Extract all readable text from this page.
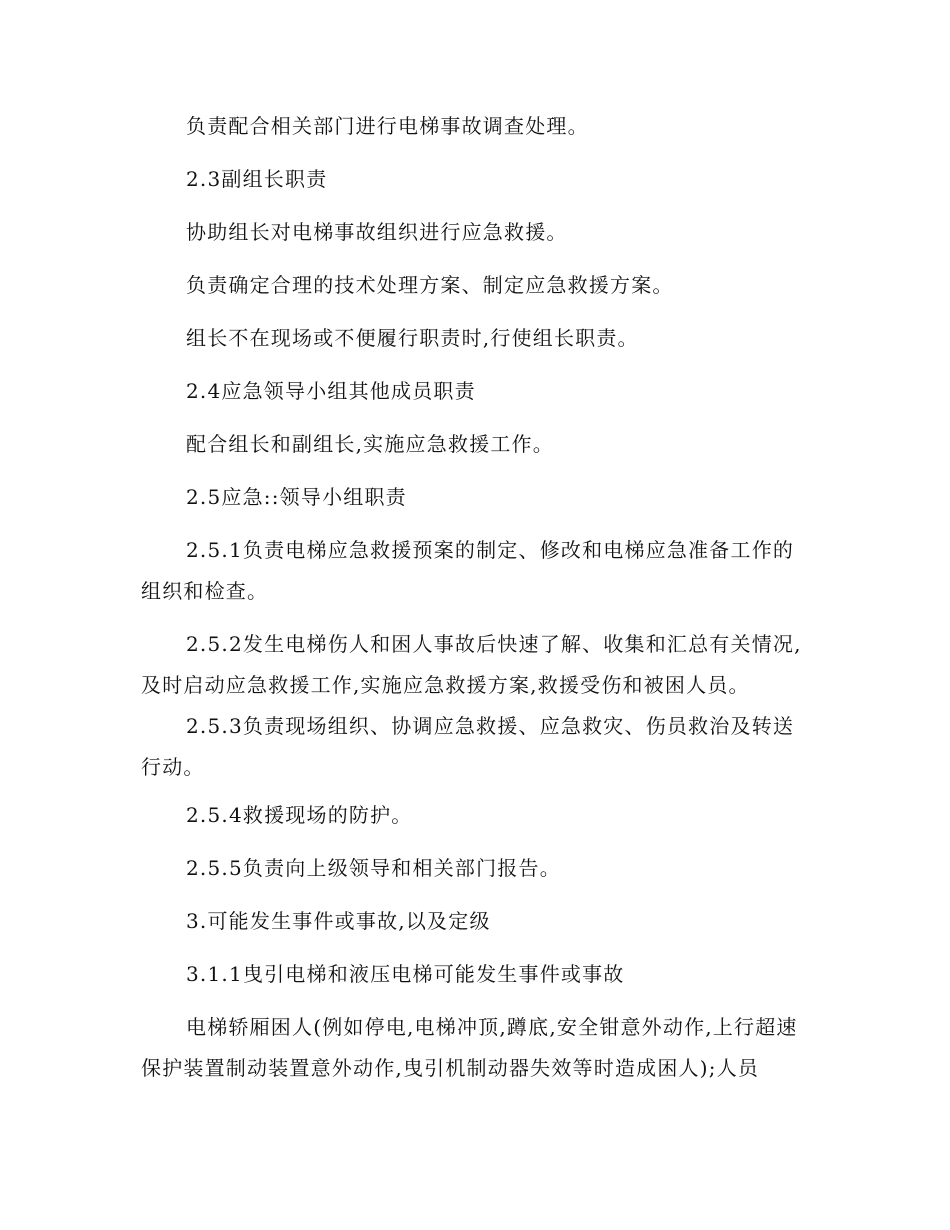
负责配合相关部门进行电梯事故调查处理。

2.3副组长职责

协助组长对电梯事故组织进行应急救援。

负责确定合理的技术处理方案、制定应急救援方案。

组长不在现场或不便履行职责时,行使组长职责。

2.4应急领导小组其他成员职责

配合组长和副组长,实施应急救援工作。

2.5应急::领导小组职责

2.5.1负责电梯应急救援预案的制定、修改和电梯应急准备工作的组织和检查。

2.5.2发生电梯伤人和困人事故后快速了解、收集和汇总有关情况,及时启动应急救援工作,实施应急救援方案,救援受伤和被困人员。

2.5.3负责现场组织、协调应急救援、应急救灾、伤员救治及转送行动。

2.5.4救援现场的防护。

2.5.5负责向上级领导和相关部门报告。

3.可能发生事件或事故,以及定级

3.1.1曳引电梯和液压电梯可能发生事件或事故

电梯轿厢困人(例如停电,电梯冲顶,蹲底,安全钳意外动作,上行超速保护装置制动装置意外动作,曳引机制动器失效等时造成困人);人员
